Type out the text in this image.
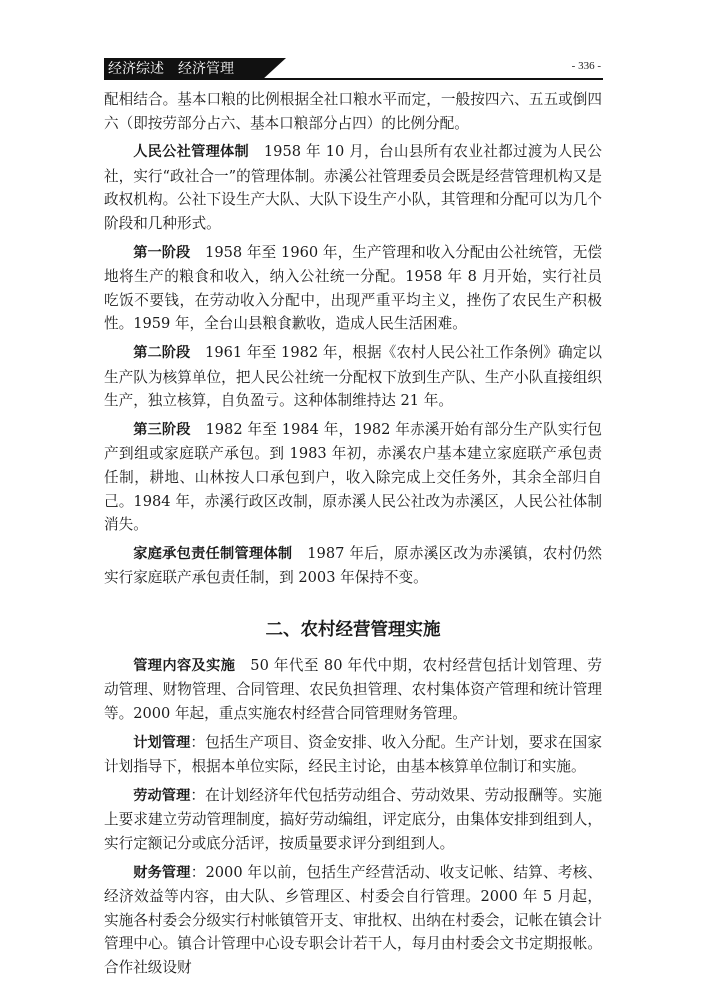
经济综述　经济管理	- 336 -

配相结合。基本口粮的比例根据全社口粮水平而定，一般按四六、五五或倒四六（即按劳部分占六、基本口粮部分占四）的比例分配。

人民公社管理体制　1958 年 10 月，台山县所有农业社都过渡为人民公社，实行“政社合一”的管理体制。赤溪公社管理委员会既是经营管理机构又是政权机构。公社下设生产大队、大队下设生产小队，其管理和分配可以为几个阶段和几种形式。

第一阶段　1958 年至 1960 年，生产管理和收入分配由公社统管，无偿地将生产的粮食和收入，纳入公社统一分配。1958 年 8 月开始，实行社员吃饭不要钱，在劳动收入分配中，出现严重平均主义，挫伤了农民生产积极性。1959 年，全台山县粮食歉收，造成人民生活困难。

第二阶段　1961 年至 1982 年，根据《农村人民公社工作条例》确定以生产队为核算单位，把人民公社统一分配权下放到生产队、生产小队直接组织生产，独立核算，自负盈亏。这种体制维持达 21 年。

第三阶段　1982 年至 1984 年，1982 年赤溪开始有部分生产队实行包产到组或家庭联产承包。到 1983 年初，赤溪农户基本建立家庭联产承包责任制，耕地、山林按人口承包到户，收入除完成上交任务外，其余全部归自己。1984 年，赤溪行政区改制，原赤溪人民公社改为赤溪区，人民公社体制消失。

家庭承包责任制管理体制　1987 年后，原赤溪区改为赤溪镇，农村仍然实行家庭联产承包责任制，到 2003 年保持不变。

二、农村经营管理实施

管理内容及实施　50 年代至 80 年代中期，农村经营包括计划管理、劳动管理、财物管理、合同管理、农民负担管理、农村集体资产管理和统计管理等。2000 年起，重点实施农村经营合同管理财务管理。

计划管理：包括生产项目、资金安排、收入分配。生产计划，要求在国家计划指导下，根据本单位实际，经民主讨论，由基本核算单位制订和实施。

劳动管理：在计划经济年代包括劳动组合、劳动效果、劳动报酬等。实施上要求建立劳动管理制度，搞好劳动编组，评定底分，由集体安排到组到人，实行定额记分或底分活评，按质量要求评分到组到人。

财务管理：2000 年以前，包括生产经营活动、收支记帐、结算、考核、经济效益等内容，由大队、乡管理区、村委会自行管理。2000 年 5 月起，实施各村委会分级实行村帐镇管开支、审批权、出纳在村委会，记帐在镇会计管理中心。镇合计管理中心设专职会计若干人，每月由村委会文书定期报帐。合作社级设财
